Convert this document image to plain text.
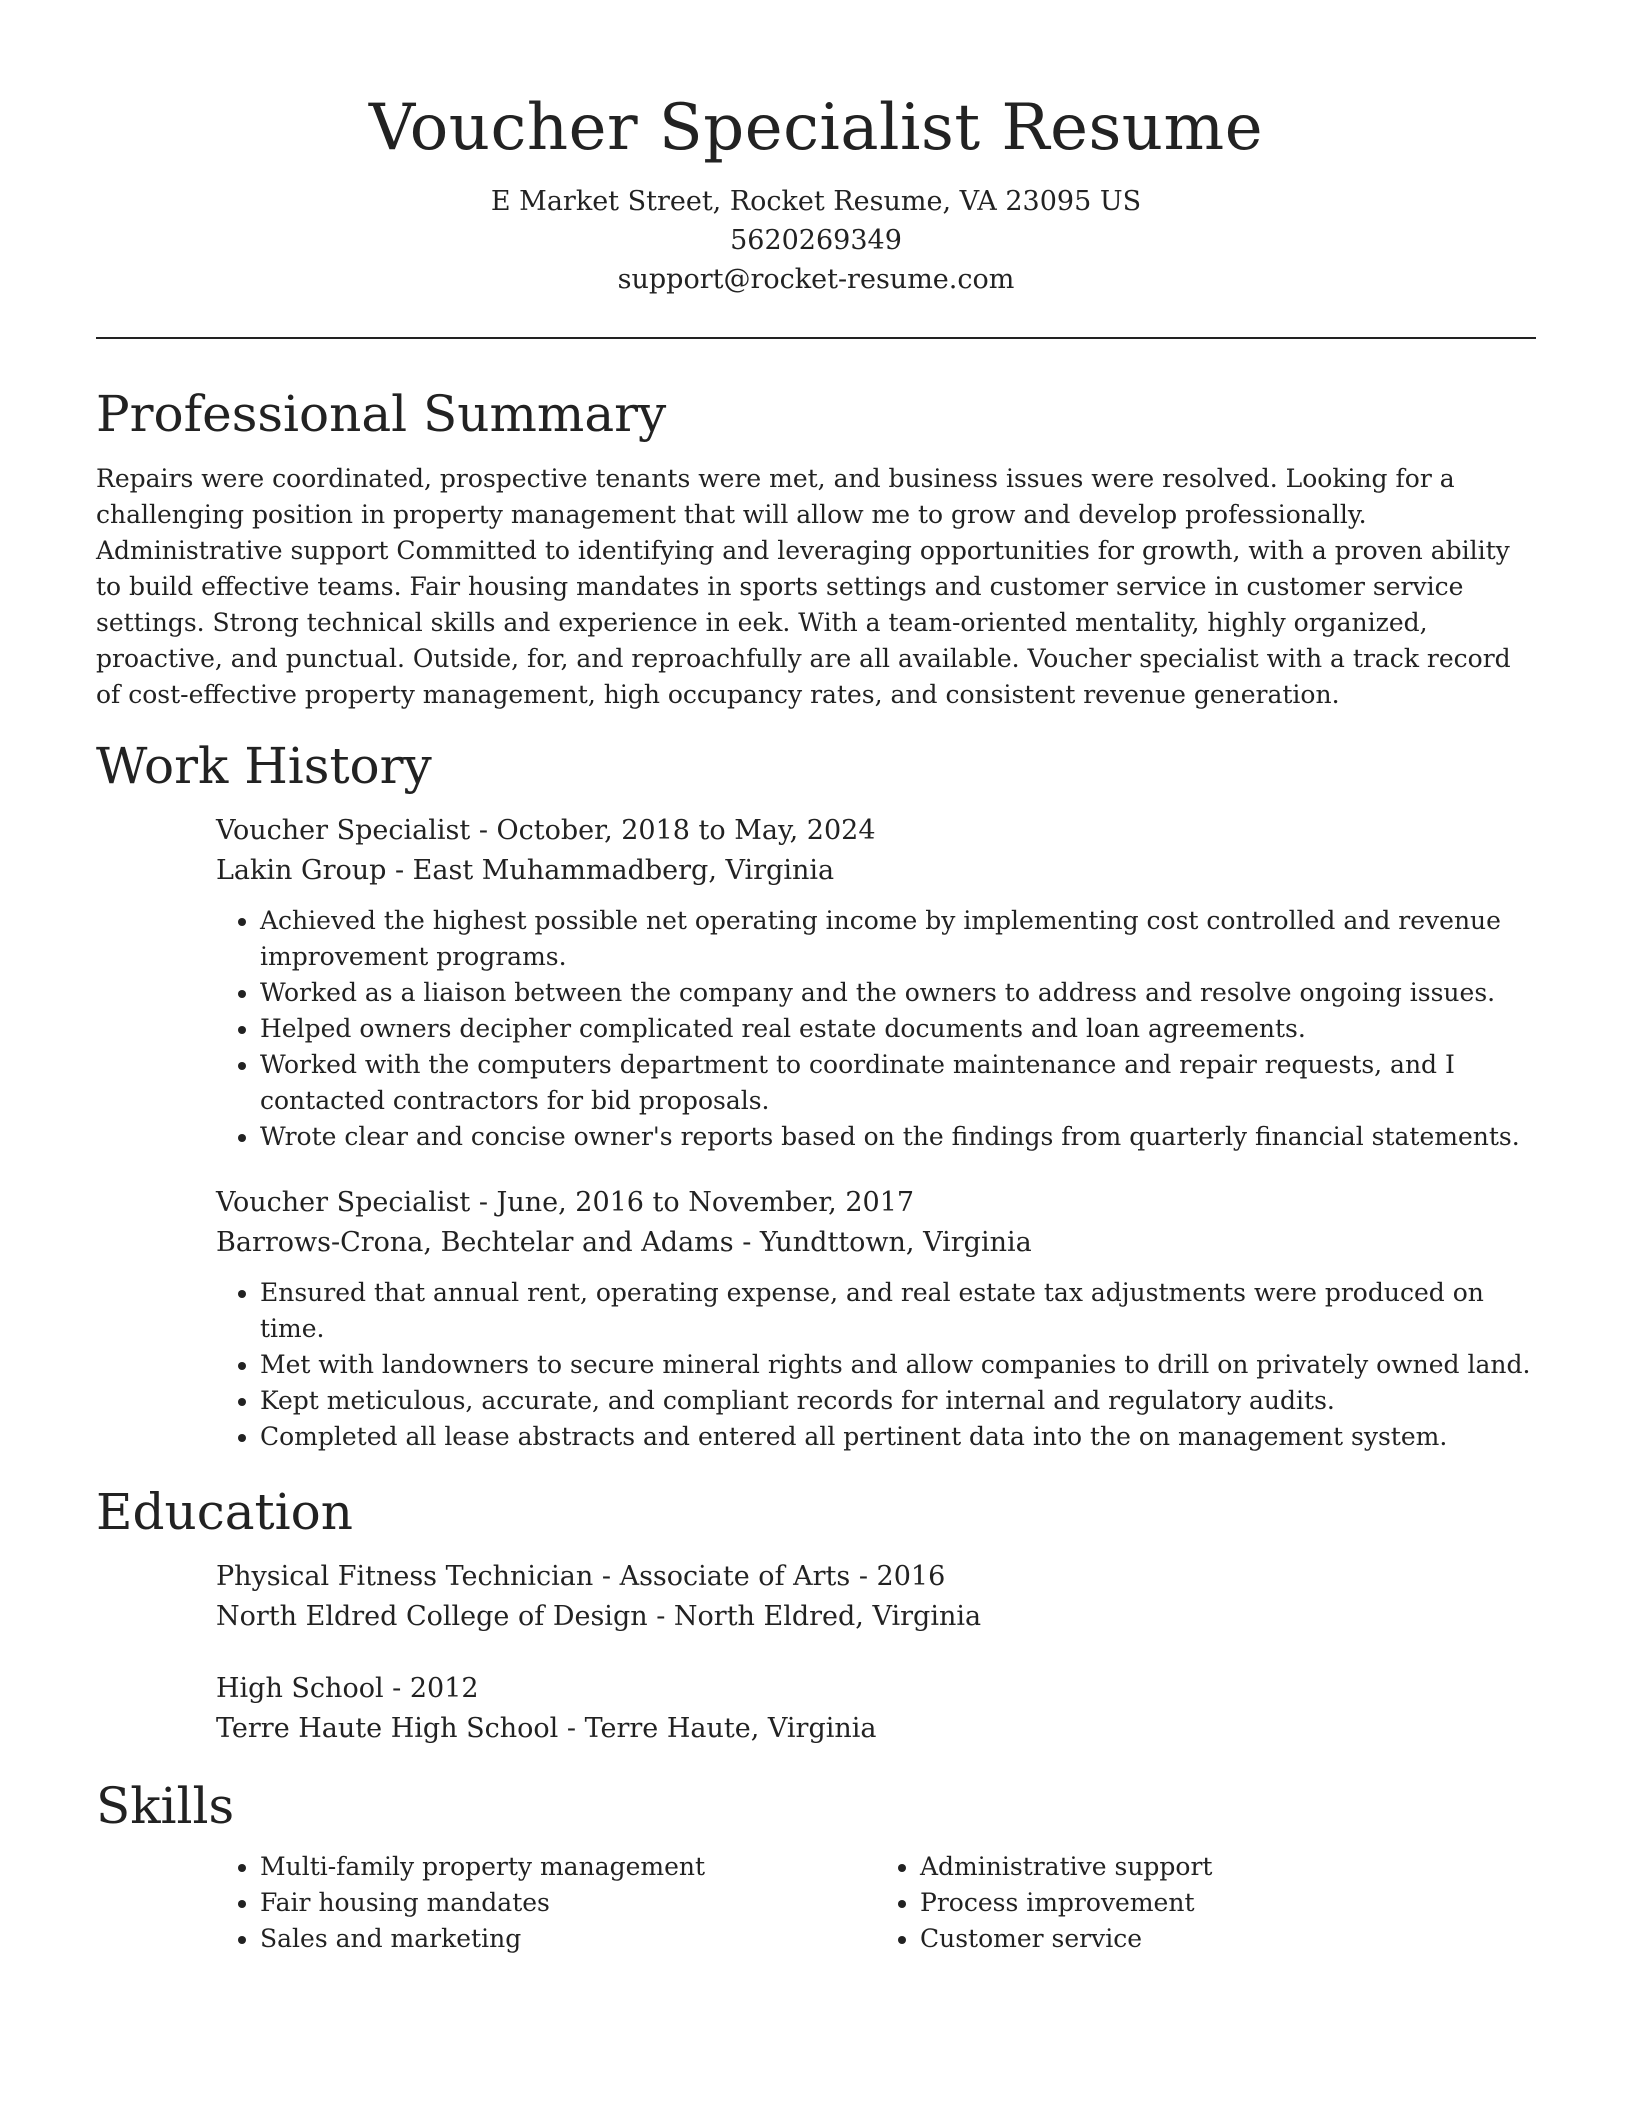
Voucher Specialist Resume
E Market Street, Rocket Resume, VA 23095 US
5620269349
support@rocket-resume.com
Professional Summary

Repairs were coordinated, prospective tenants were met, and business issues were resolved. Looking for a challenging position in property management that will allow me to grow and develop professionally. Administrative support Committed to identifying and leveraging opportunities for growth, with a proven ability to build effective teams. Fair housing mandates in sports settings and customer service in customer service settings. Strong technical skills and experience in eek. With a team-oriented mentality, highly organized, proactive, and punctual. Outside, for, and reproachfully are all available. Voucher specialist with a track record of cost-effective property management, high occupancy rates, and consistent revenue generation.

Work History
Voucher Specialist - October, 2018 to May, 2024
Lakin Group - East Muhammadberg, Virginia
• Achieved the highest possible net operating income by implementing cost controlled and revenue improvement programs.
• Worked as a liaison between the company and the owners to address and resolve ongoing issues.
• Helped owners decipher complicated real estate documents and loan agreements.
• Worked with the computers department to coordinate maintenance and repair requests, and I contacted contractors for bid proposals.
• Wrote clear and concise owner's reports based on the findings from quarterly financial statements.
Voucher Specialist - June, 2016 to November, 2017
Barrows-Crona, Bechtelar and Adams - Yundttown, Virginia
• Ensured that annual rent, operating expense, and real estate tax adjustments were produced on time.
• Met with landowners to secure mineral rights and allow companies to drill on privately owned land.
• Kept meticulous, accurate, and compliant records for internal and regulatory audits.
• Completed all lease abstracts and entered all pertinent data into the on management system.
Education
Physical Fitness Technician - Associate of Arts - 2016
North Eldred College of Design - North Eldred, Virginia
High School - 2012
Terre Haute High School - Terre Haute, Virginia
Skills
• Multi-family property management
• Fair housing mandates
• Sales and marketing
• Administrative support
• Process improvement
• Customer service
